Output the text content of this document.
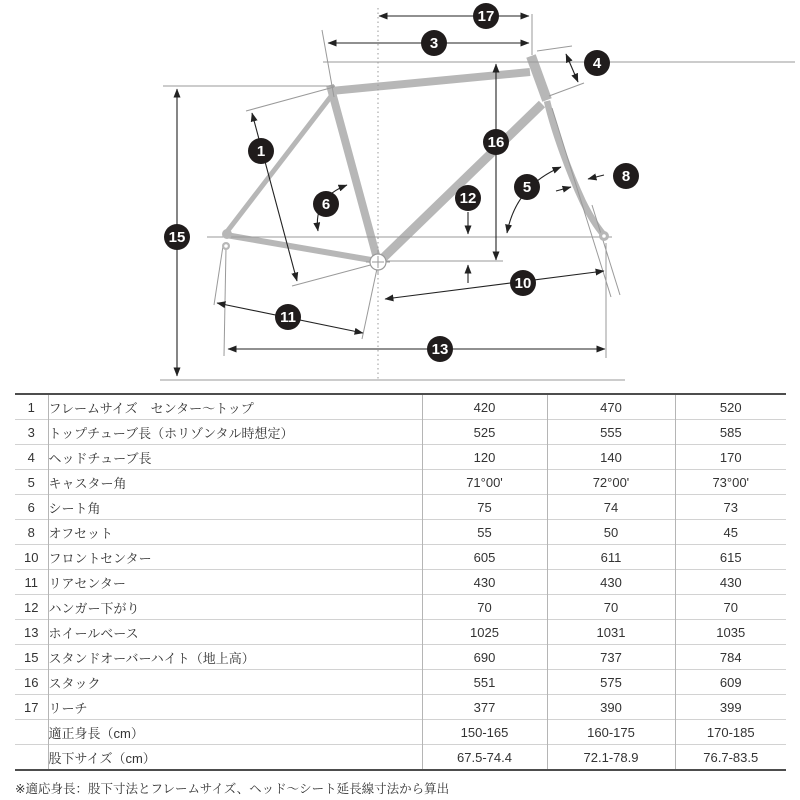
17
3
4
1
16
5
8
6	12
15
10
11
13
1	フレームサイズ　センター〜トップ	420	470	520
3	トップチューブ長（ホリゾンタル時想定）	525	555	585
4	ヘッドチューブ長	120	140	170
5	キャスター角	71°00'	72°00'	73°00'
6	シート角	75	74	73
8	オフセット	55	50	45
10	フロントセンター	605	611	615
11	リアセンター	430	430	430
12	ハンガー下がり	70	70	70
13	ホイールベース	1025	1031	1035
15	スタンドオーバーハイト（地上高）	690	737	784
16	スタック	551	575	609
17	リーチ	377	390	399
	適正身長（cm）	150-165	160-175	170-185
	股下サイズ（cm）	67.5-74.4	72.1-78.9	76.7-83.5
※適応身長：股下寸法とフレームサイズ、ヘッド～シート延長線寸法から算出
